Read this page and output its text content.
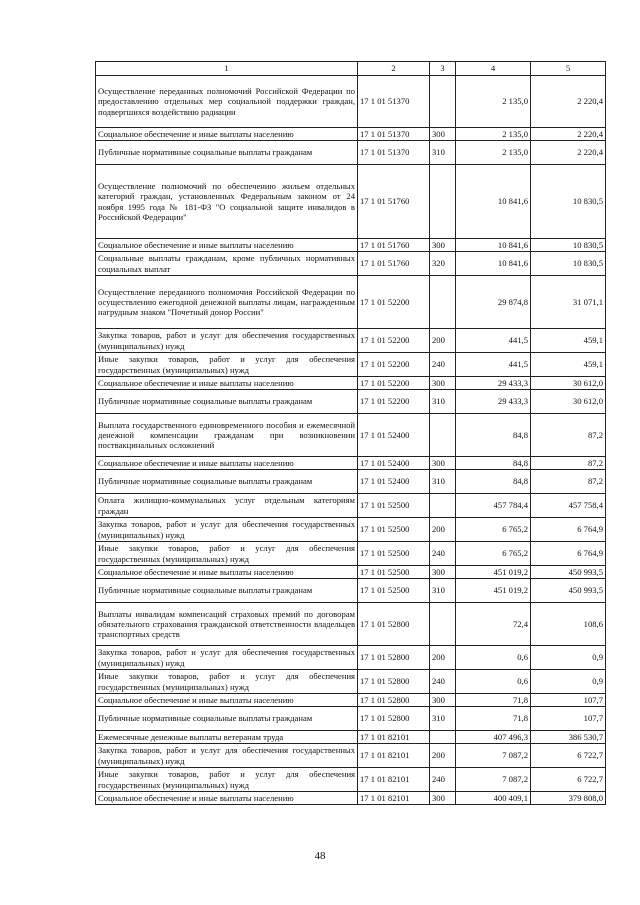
1	2	3	4	5
Осуществление переданных полномочий Российской Федерации по предоставлению отдельных мер социальной поддержки граждан, подвергшихся воздействию радиации	17 1 01 51370		2 135,0	2 220,4
Социальное обеспечение и иные выплаты населению	17 1 01 51370	300	2 135,0	2 220,4
Публичные нормативные социальные выплаты гражданам	17 1 01 51370	310	2 135,0	2 220,4
Осуществление полномочий по обеспечению жильем отдельных категорий граждан, установленных Федеральным законом от 24 ноября 1995 года № 181-ФЗ "О социальной защите инвалидов в Российской Федерации"	17 1 01 51760		10 841,6	10 830,5
Социальное обеспечение и иные выплаты населению	17 1 01 51760	300	10 841,6	10 830,5
Социальные выплаты гражданам, кроме публичных нормативных социальных выплат	17 1 01 51760	320	10 841,6	10 830,5
Осуществление переданного полномочия Российской Федерации по осуществлению ежегодной денежной выплаты лицам, награжденным нагрудным знаком "Почетный донор России"	17 1 01 52200		29 874,8	31 071,1
Закупка товаров, работ и услуг для обеспечения государственных (муниципальных) нужд	17 1 01 52200	200	441,5	459,1
Иные закупки товаров, работ и услуг для обеспечения государственных (муниципальных) нужд	17 1 01 52200	240	441,5	459,1
Социальное обеспечение и иные выплаты населению	17 1 01 52200	300	29 433,3	30 612,0
Публичные нормативные социальные выплаты гражданам	17 1 01 52200	310	29 433,3	30 612,0
Выплата государственного единовременного пособия и ежемесячной денежной компенсации гражданам при возникновении поствакцинальных осложнений	17 1 01 52400		84,8	87,2
Социальное обеспечение и иные выплаты населению	17 1 01 52400	300	84,8	87,2
Публичные нормативные социальные выплаты гражданам	17 1 01 52400	310	84,8	87,2
Оплата жилищно-коммунальных услуг отдельным категориям граждан	17 1 01 52500		457 784,4	457 758,4
Закупка товаров, работ и услуг для обеспечения государственных (муниципальных) нужд	17 1 01 52500	200	6 765,2	6 764,9
Иные закупки товаров, работ и услуг для обеспечения государственных (муниципальных) нужд	17 1 01 52500	240	6 765,2	6 764,9
Социальное обеспечение и иные выплаты населению	17 1 01 52500	300	451 019,2	450 993,5
Публичные нормативные социальные выплаты гражданам	17 1 01 52500	310	451 019,2	450 993,5
Выплаты инвалидам компенсаций страховых премий по договорам обязательного страхования гражданской ответственности владельцев транспортных средств	17 1 01 52800		72,4	108,6
Закупка товаров, работ и услуг для обеспечения государственных (муниципальных) нужд	17 1 01 52800	200	0,6	0,9
Иные закупки товаров, работ и услуг для обеспечения государственных (муниципальных) нужд	17 1 01 52800	240	0,6	0,9
Социальное обеспечение и иные выплаты населению	17 1 01 52800	300	71,8	107,7
Публичные нормативные социальные выплаты гражданам	17 1 01 52800	310	71,8	107,7
Ежемесячные денежные выплаты ветеранам труда	17 1 01 82101		407 496,3	386 530,7
Закупка товаров, работ и услуг для обеспечения государственных (муниципальных) нужд	17 1 01 82101	200	7 087,2	6 722,7
Иные закупки товаров, работ и услуг для обеспечения государственных (муниципальных) нужд	17 1 01 82101	240	7 087,2	6 722,7
Социальное обеспечение и иные выплаты населению	17 1 01 82101	300	400 409,1	379 808,0
48
